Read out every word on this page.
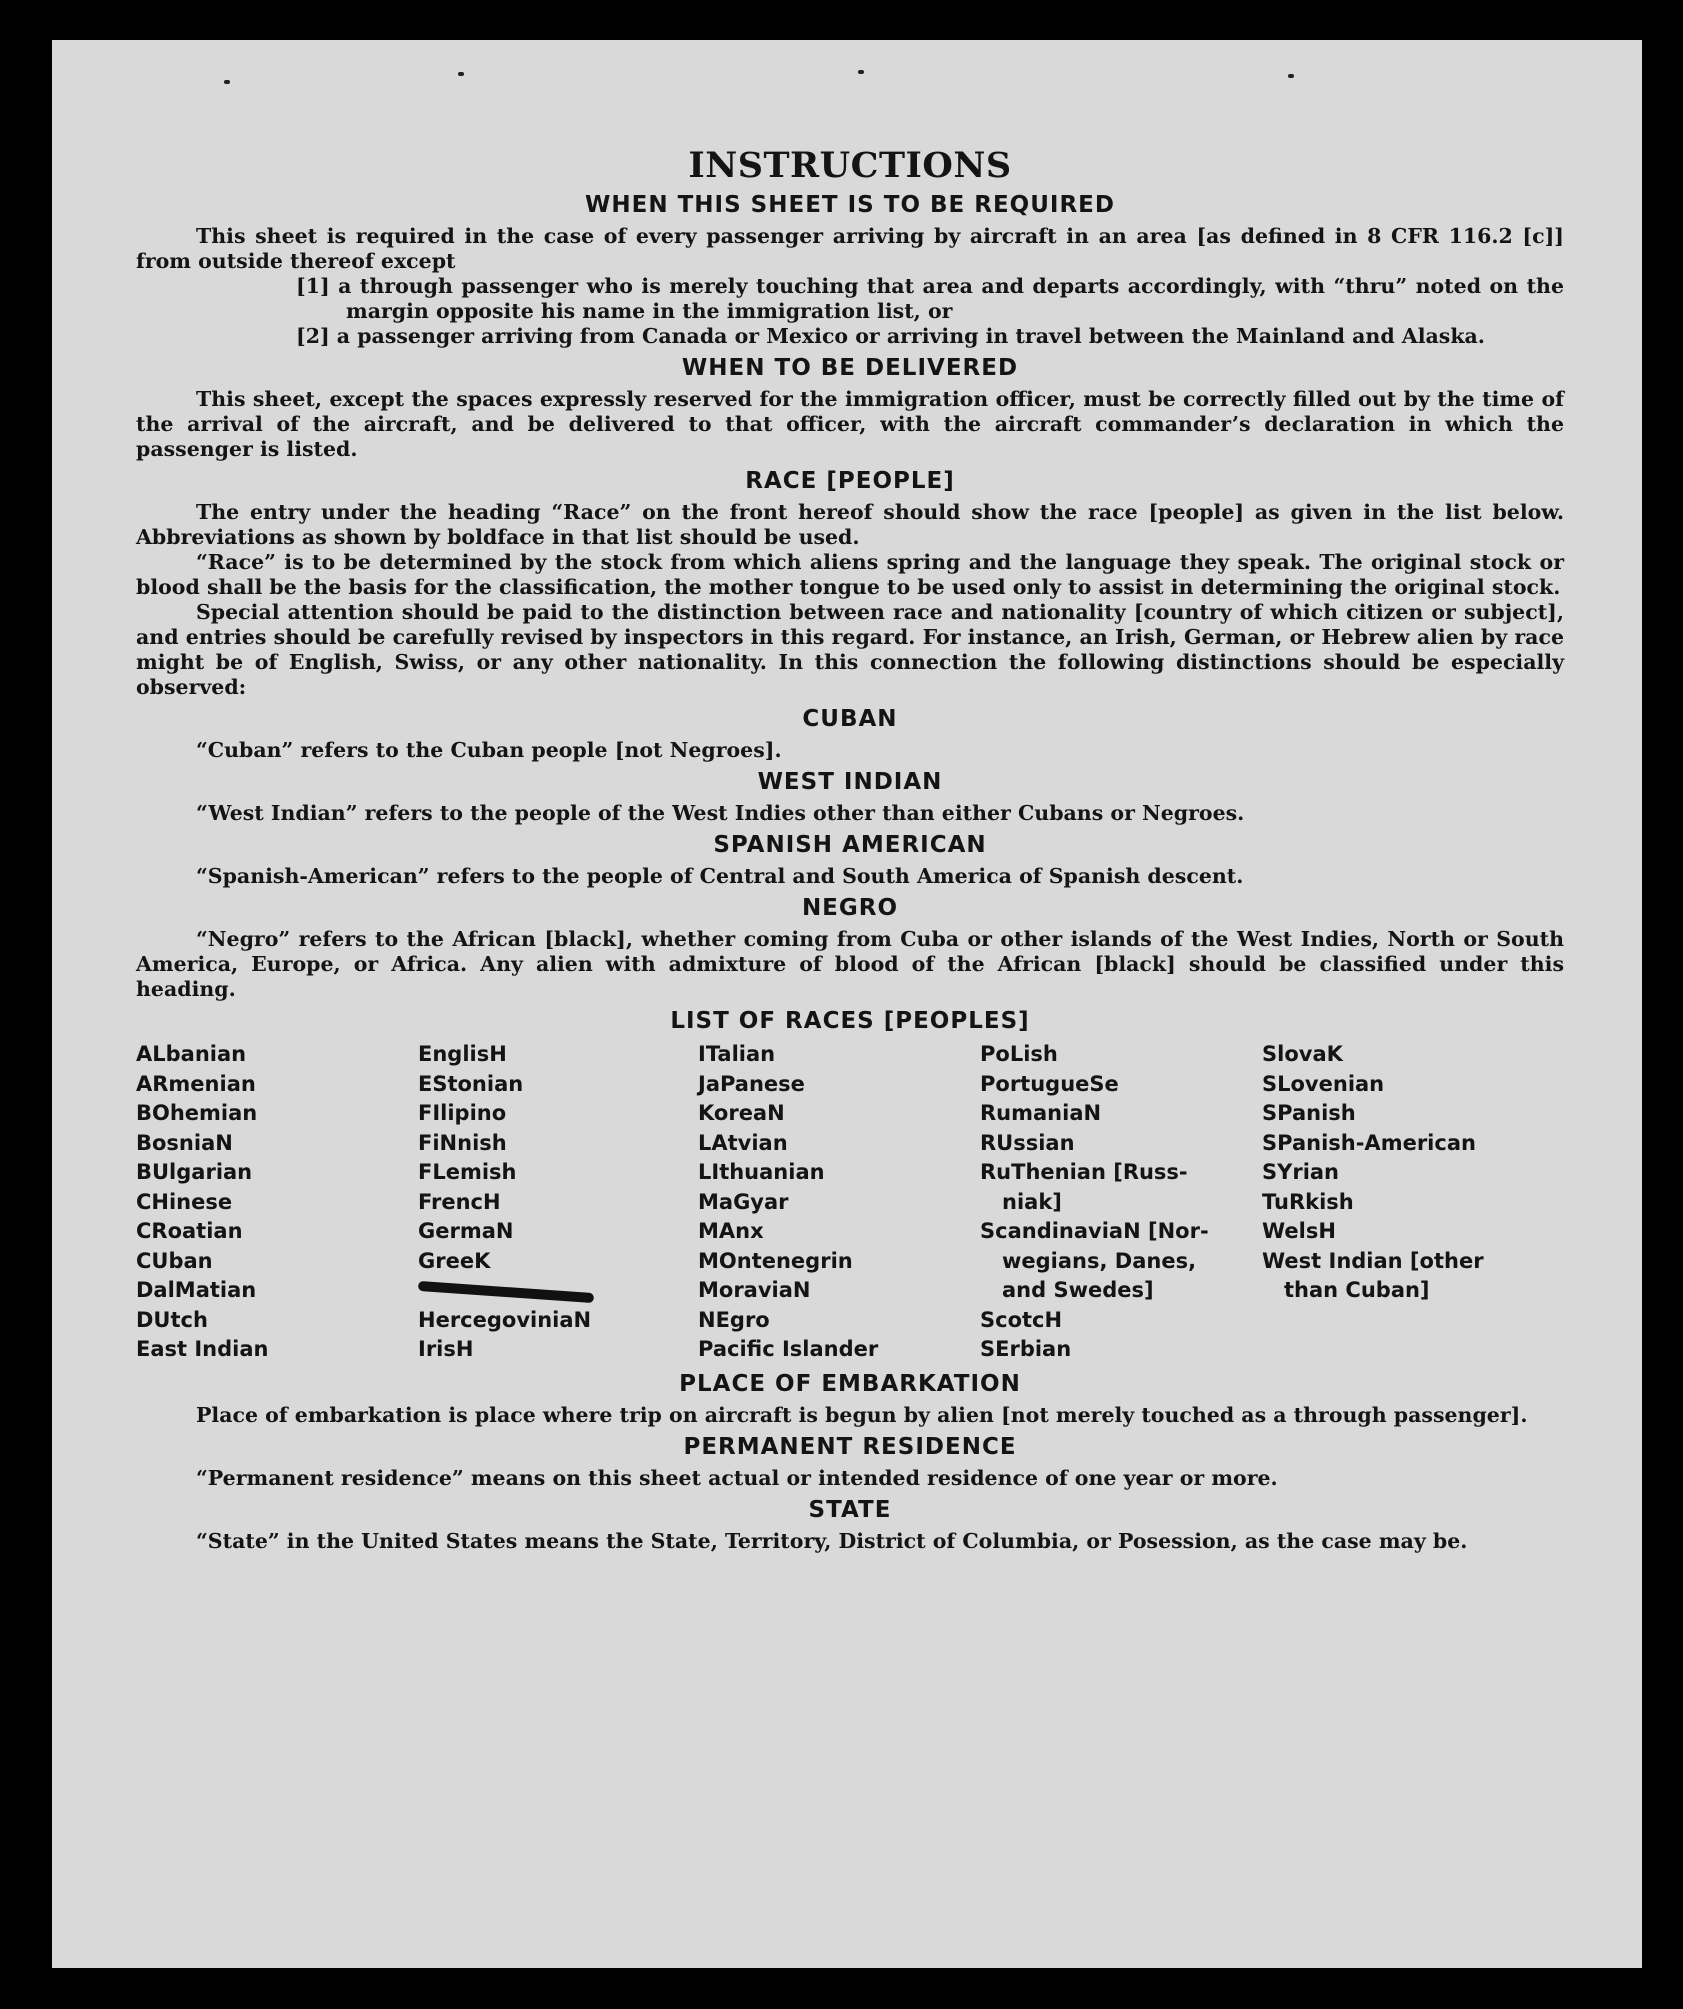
INSTRUCTIONS
WHEN THIS SHEET IS TO BE REQUIRED

This sheet is required in the case of every passenger arriving by aircraft in an area [as defined in 8 CFR 116.2 [c]] from outside thereof except

[1] a through passenger who is merely touching that area and departs accordingly, with “thru” noted on the margin opposite his name in the immigration list, or
[2] a passenger arriving from Canada or Mexico or arriving in travel between the Mainland and Alaska.
WHEN TO BE DELIVERED

This sheet, except the spaces expressly reserved for the immigration officer, must be correctly filled out by the time of the arrival of the aircraft, and be delivered to that officer, with the aircraft commander’s declaration in which the passenger is listed.

RACE [PEOPLE]

The entry under the heading “Race” on the front hereof should show the race [people] as given in the list below. Abbreviations as shown by boldface in that list should be used.

“Race” is to be determined by the stock from which aliens spring and the language they speak. The original stock or blood shall be the basis for the classification, the mother tongue to be used only to assist in determining the original stock.

Special attention should be paid to the distinction between race and nationality [country of which citizen or subject], and entries should be carefully revised by inspectors in this regard. For instance, an Irish, German, or Hebrew alien by race might be of English, Swiss, or any other nationality. In this connection the following distinctions should be especially observed:

CUBAN

“Cuban” refers to the Cuban people [not Negroes].

WEST INDIAN

“West Indian” refers to the people of the West Indies other than either Cubans or Negroes.

SPANISH AMERICAN

“Spanish-American” refers to the people of Central and South America of Spanish descent.

NEGRO

“Negro” refers to the African [black], whether coming from Cuba or other islands of the West Indies, North or South America, Europe, or Africa. Any alien with admixture of blood of the African [black] should be classified under this heading.

LIST OF RACES [PEOPLES]
ALbanian
ARmenian
BOhemian
BosniaN
BUlgarian
CHinese
CRoatian
CUban
DalMatian
DUtch
East Indian
EnglisH
EStonian
FIlipino
FiNnish
FLemish
FrencH
GermaN
GreeK
HercegoviniaN
IrisH
ITalian
JaPanese
KoreaN
LAtvian
LIthuanian
MaGyar
MAnx
MOntenegrin
MoraviaN
NEgro
Pacific Islander
PoLish
PortugueSe
RumaniaN
RUssian
RuThenian [Russ-
niak]
ScandinaviaN [Nor-
wegians, Danes,
and Swedes]
ScotcH
SErbian
SlovaK
SLovenian
SPanish
SPanish-American
SYrian
TuRkish
WelsH
West Indian [other
than Cuban]
PLACE OF EMBARKATION

Place of embarkation is place where trip on aircraft is begun by alien [not merely touched as a through passenger].

PERMANENT RESIDENCE

“Permanent residence” means on this sheet actual or intended residence of one year or more.

STATE

“State” in the United States means the State, Territory, District of Columbia, or Posession, as the case may be.
